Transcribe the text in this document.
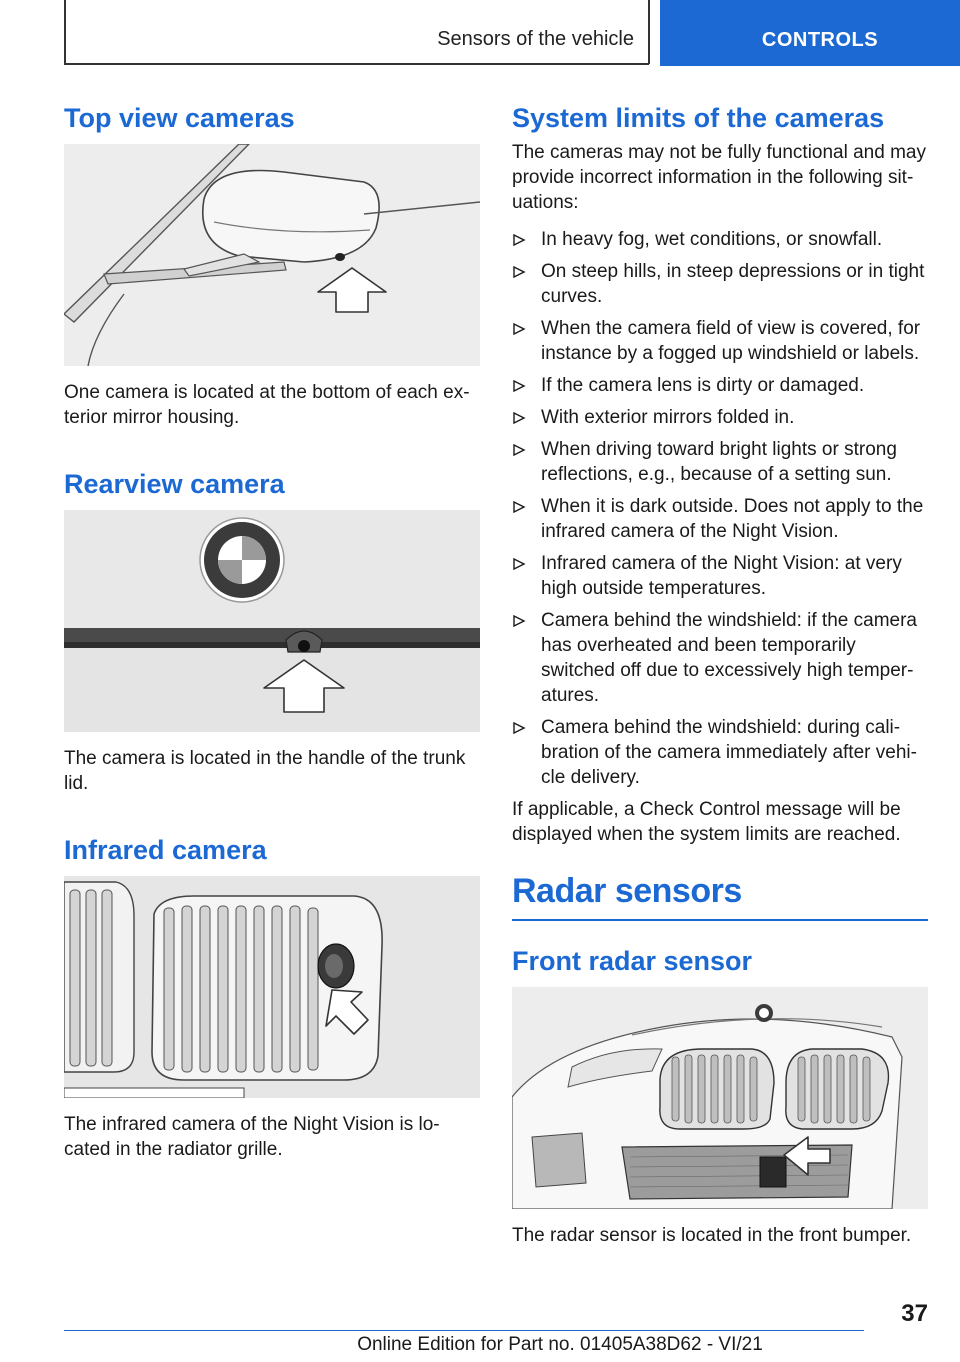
Sensors of the vehicle	CONTROLS
Top view cameras

One camera is located at the bottom of each ex-terior mirror housing.

Rearview camera

The camera is located in the handle of the trunk lid.

Infrared camera

The infrared camera of the Night Vision is lo-cated in the radiator grille.

System limits of the cameras

The cameras may not be fully functional and may provide incorrect information in the following sit-uations:

In heavy fog, wet conditions, or snowfall.
On steep hills, in steep depressions or in tight curves.
When the camera field of view is covered, for instance by a fogged up windshield or labels.
If the camera lens is dirty or damaged.
With exterior mirrors folded in.
When driving toward bright lights or strong reflections, e.g., because of a setting sun.
When it is dark outside. Does not apply to the infrared camera of the Night Vision.
Infrared camera of the Night Vision: at very high outside temperatures.
Camera behind the windshield: if the camera has overheated and been temporarily switched off due to excessively high temper-atures.
Camera behind the windshield: during cali-bration of the camera immediately after vehi-cle delivery.

If applicable, a Check Control message will be displayed when the system limits are reached.

Radar sensors
Front radar sensor

The radar sensor is located in the front bumper.

37
Online Edition for Part no. 01405A38D62 - VI/21
